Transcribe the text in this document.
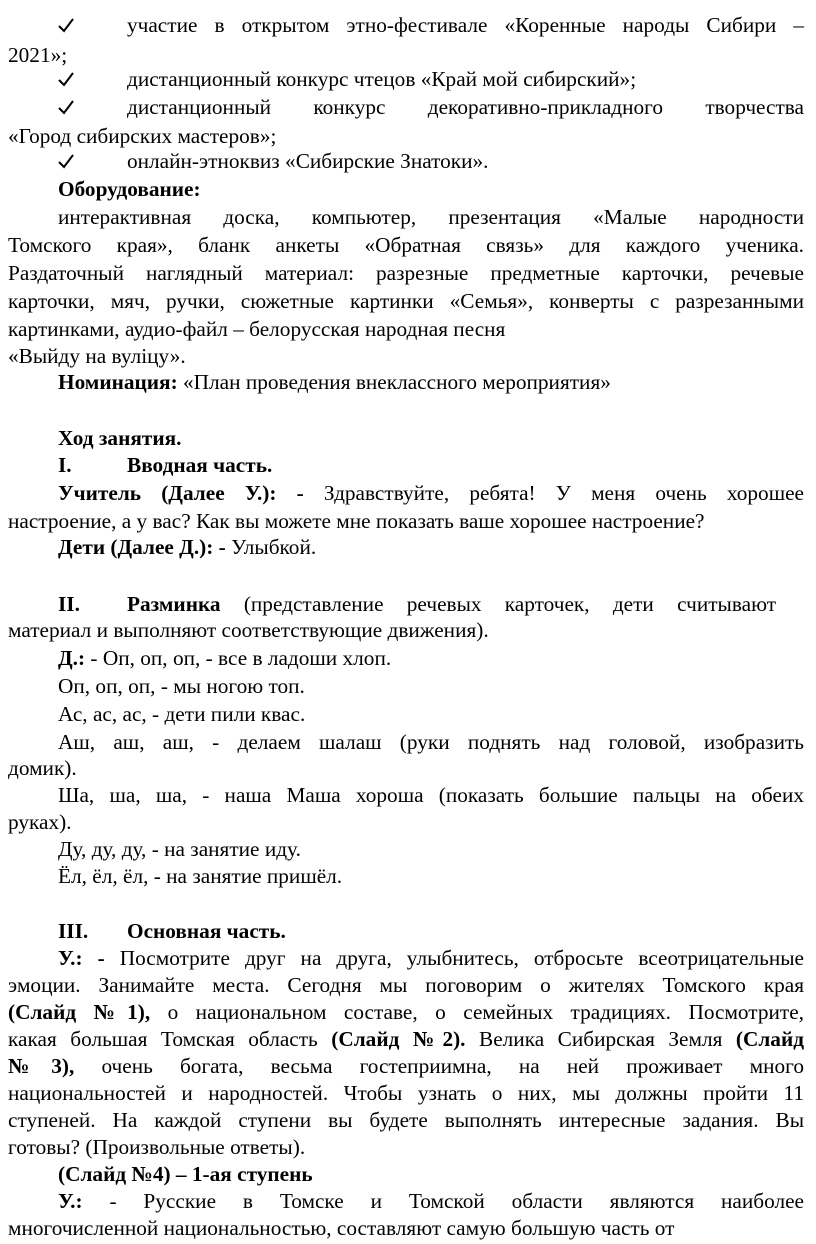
участие в открытом этно-фестивале «Коренные народы Сибири –
2021»;
дистанционный конкурс чтецов «Край мой сибирский»;
дистанционный конкурс декоративно-прикладного творчества
«Город сибирских мастеров»;
онлайн-этноквиз «Сибирские Знатоки».
Оборудование:
интерактивная доска, компьютер, презентация «Малые народности
Томского края», бланк анкеты «Обратная связь» для каждого ученика.
Раздаточный наглядный материал: разрезные предметные карточки, речевые
карточки, мяч, ручки, сюжетные картинки «Семья», конверты с разрезанными
картинками, аудио-файл – белорусская народная песня
«Выйду на вуліцу».
Номинация: «План проведения внеклассного мероприятия»
Ход занятия.
I.	Вводная часть.
Учитель (Далее У.): - Здравствуйте, ребята! У меня очень хорошее
настроение, а у вас? Как вы можете мне показать ваше хорошее настроение?
Дети (Далее Д.): - Улыбкой.
II.	Разминка (представление речевых карточек, дети считывают
материал и выполняют соответствующие движения).
Д.: - Оп, оп, оп, - все в ладоши хлоп.
Оп, оп, оп, - мы ногою топ.
Ас, ас, ас, - дети пили квас.
Аш, аш, аш, - делаем шалаш (руки поднять над головой, изобразить
домик).
Ша, ша, ша, - наша Маша хороша (показать большие пальцы на обеих
руках).
Ду, ду, ду, - на занятие иду.
Ёл, ёл, ёл, - на занятие пришёл.
III.	Основная часть.
У.: - Посмотрите друг на друга, улыбнитесь, отбросьте всеотрицательные
эмоции. Занимайте места. Сегодня мы поговорим о жителях Томского края
(Слайд №1), о национальном составе, о семейных традициях. Посмотрите,
какая большая Томская область (Слайд №2). Велика Сибирская Земля (Слайд
№3), очень богата, весьма гостеприимна, на ней проживает много
национальностей и народностей. Чтобы узнать о них, мы должны пройти 11
ступеней. На каждой ступени вы будете выполнять интересные задания. Вы
готовы? (Произвольные ответы).
(Слайд №4) – 1-ая ступень
У.: - Русские в Томске и Томской области являются наиболее
многочисленной национальностью, составляют самую большую часть от
